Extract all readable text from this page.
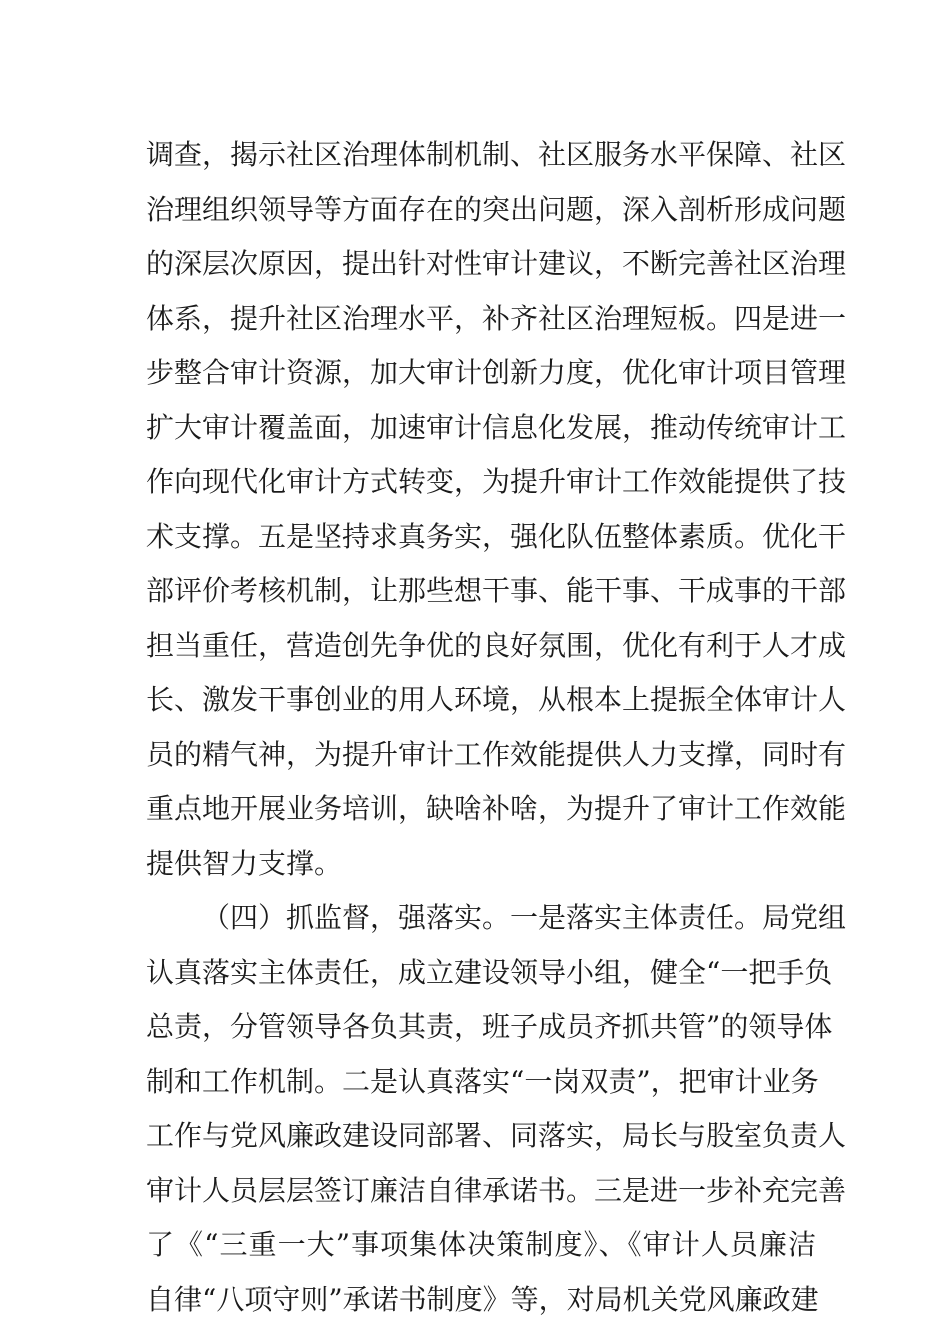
调查，揭示社区治理体制机制、社区服务水平保障、社区
治理组织领导等方面存在的突出问题，深入剖析形成问题
的深层次原因，提出针对性审计建议，不断完善社区治理
体系，提升社区治理水平，补齐社区治理短板。四是进一
步整合审计资源，加大审计创新力度，优化审计项目管理
扩大审计覆盖面，加速审计信息化发展，推动传统审计工
作向现代化审计方式转变，为提升审计工作效能提供了技
术支撑。五是坚持求真务实，强化队伍整体素质。优化干
部评价考核机制，让那些想干事、能干事、干成事的干部
担当重任，营造创先争优的良好氛围，优化有利于人才成
长、激发干事创业的用人环境，从根本上提振全体审计人
员的精气神，为提升审计工作效能提供人力支撑，同时有
重点地开展业务培训，缺啥补啥，为提升了审计工作效能
提供智力支撑。
（四）抓监督，强落实。一是落实主体责任。局党组
认真落实主体责任，成立建设领导小组，健全“一把手负
总责，分管领导各负其责，班子成员齐抓共管”的领导体
制和工作机制。二是认真落实“一岗双责”，把审计业务
工作与党风廉政建设同部署、同落实，局长与股室负责人
审计人员层层签订廉洁自律承诺书。三是进一步补充完善
了《“三重一大”事项集体决策制度》、《审计人员廉洁
自律“八项守则”承诺书制度》等，对局机关党风廉政建
